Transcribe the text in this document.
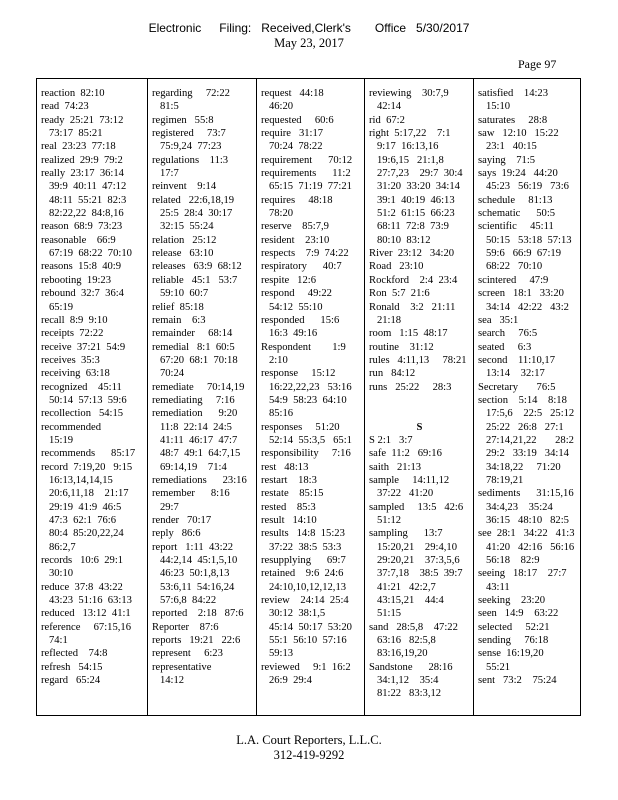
Electronic Filing: Received,Clerk's Office 5/30/2017
May 23, 2017
Page 97
reaction  82:10
read  74:23
ready  25:21  73:12
73:17  85:21
real  23:23  77:18
realized  29:9  79:2
really  23:17  36:14
39:9  40:11  47:12
48:11  55:21  82:3
82:22,22  84:8,16
reason  68:9  73:23
reasonable    66:9
67:19  68:22  70:10
reasons  15:8  40:9
rebooting  19:23
rebound  32:7  36:4
65:19
recall  8:9  9:10
receipts  72:22
receive  37:21  54:9
receives  35:3
receiving  63:18
recognized    45:11
50:14  57:13  59:6
recollection   54:15
recommended
15:19
recommends      85:17
record  7:19,20   9:15
16:13,14,14,15
20:6,11,18    21:17
29:19  41:9  46:5
47:3  62:1  76:6
80:4  85:20,22,24
86:2,7
records   10:6  29:1
30:10
reduce  37:8  43:22
43:23  51:16  63:13
reduced   13:12  41:1
reference     67:15,16
74:1
reflected    74:8
refresh   54:15
regard   65:24
regarding     72:22
81:5
regimen   55:8
registered     73:7
75:9,24  77:23
regulations    11:3
17:7
reinvent    9:14
related   22:6,18,19
25:5  28:4  30:17
32:15  55:24
relation   25:12
release   63:10
releases   63:9  68:12
reliable   45:1   53:7
59:10  60:7
relief  85:18
remain    6:3
remainder     68:14
remedial   8:1  60:5
67:20  68:1  70:18
70:24
remediate     70:14,19
remediating     7:16
remediation      9:20
11:8  22:14  24:5
41:11  46:17  47:7
48:7  49:1  64:7,15
69:14,19    71:4
remediations      23:16
remember      8:16
29:7
render   70:17
reply   86:6
report   1:11  43:22
44:2,14  45:1,5,10
46:23  50:1,8,13
53:6,11  54:16,24
57:6,8  84:22
reported    2:18   87:6
Reporter    87:6
reports   19:21   22:6
represent     6:23
representative
14:12
request   44:18
46:20
requested     60:6
require   31:17
70:24  78:22
requirement      70:12
requirements      11:2
65:15  71:19  77:21
requires     48:18
78:20
reserve    85:7,9
resident    23:10
respects    7:9  74:22
respiratory      40:7
respite   12:6
respond     49:22
54:12  55:10
responded      15:6
16:3  49:16
Respondent        1:9
2:10
response     15:12
16:22,22,23   53:16
54:9  58:23  64:10
85:16
responses     51:20
52:14  55:3,5   65:1
responsibility     7:16
rest   48:13
restart    18:3
restate    85:15
rested    85:3
result   14:10
results   14:8  15:23
37:22  38:5  53:3
resupplying      69:7
retained    9:6  24:6
24:10,10,12,12,13
review    24:14  25:4
30:12  38:1,5
45:14  50:17  53:20
55:1  56:10  57:16
59:13
reviewed     9:1  16:2
26:9  29:4
reviewing    30:7,9
42:14
rid  67:2
right  5:17,22    7:1
9:17  16:13,16
19:6,15   21:1,8
27:7,23    29:7  30:4
31:20  33:20  34:14
39:1  40:19  46:13
51:2  61:15  66:23
68:11  72:8  73:9
80:10  83:12
River  23:12   34:20
Road   23:10
Rockford    2:4  23:4
Ron  5:7  21:6
Ronald    3:2   21:11
21:18
room   1:15  48:17
routine    31:12
rules   4:11,13     78:21
run   84:12
runs   25:22     28:3

S
S 2:1   3:7
safe  11:2   69:16
saith   21:13
sample     14:11,12
37:22   41:20
sampled     13:5   42:6
51:12
sampling      13:7
15:20,21    29:4,10
29:20,21    37:3,5,6
37:7,18    38:5  39:7
41:21   42:2,7
43:15,21    44:4
51:15
sand   28:5,8    47:22
63:16   82:5,8
83:16,19,20
Sandstone      28:16
34:1,12    35:4
81:22   83:3,12
satisfied    14:23
15:10
saturates     28:8
saw   12:10   15:22
23:1   40:15
saying    71:5
says  19:24   44:20
45:23   56:19   73:6
schedule     81:13
schematic      50:5
scientific     45:11
50:15   53:18  57:13
59:6   66:9  67:19
68:22   70:10
scintered     47:9
screen   18:1   33:20
34:14   42:22   43:2
sea   35:1
search     76:5
seated     6:3
second    11:10,17
13:14    32:17
Secretary       76:5
section    5:14    8:18
17:5,6    22:5   25:12
25:22   26:8   27:1
27:14,21,22       28:2
29:2   33:19   34:14
34:18,22     71:20
78:19,21
sediments      31:15,16
34:4,23    35:24
36:15   48:10   82:5
see  28:1   34:22   41:3
41:20   42:16   56:16
56:18    82:9
seeing   18:17    27:7
43:11
seeking    23:20
seen   14:9    63:22
selected     52:21
sending     76:18
sense  16:19,20
55:21
sent   73:2    75:24
L.A. Court Reporters, L.L.C.
312-419-9292
